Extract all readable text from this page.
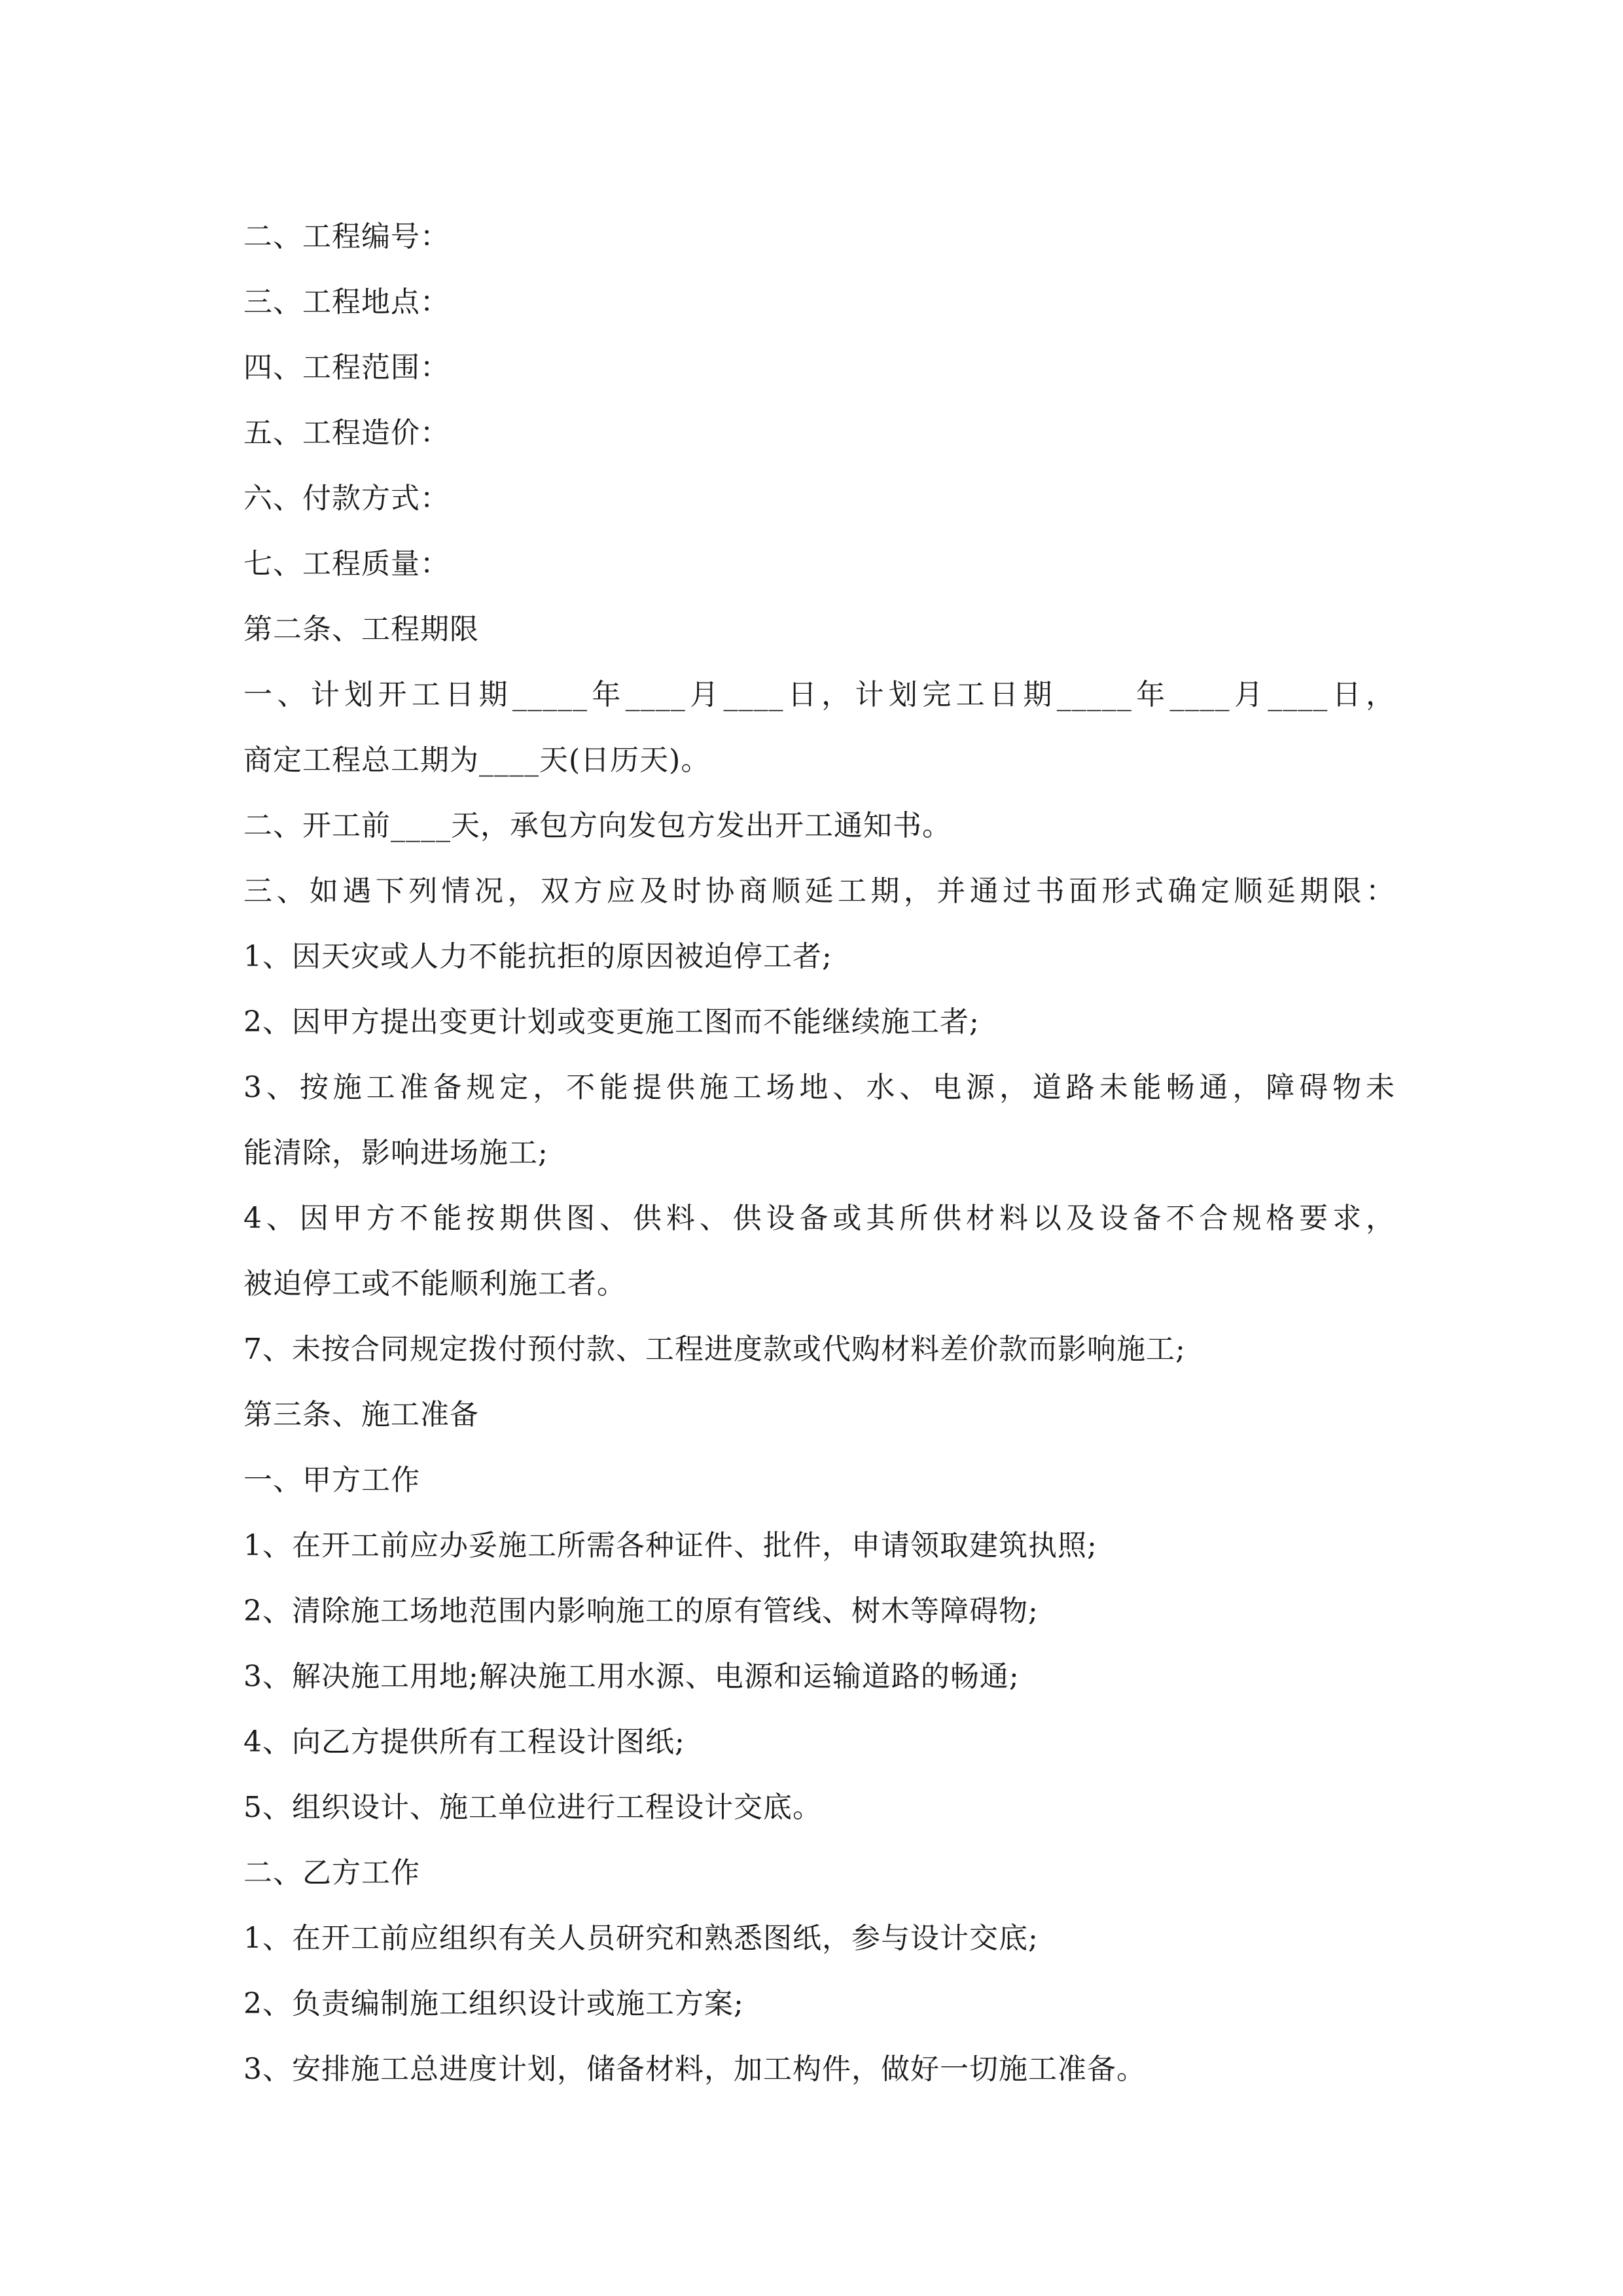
二、工程编号：
三、工程地点：
四、工程范围：
五、工程造价：
六、付款方式：
七、工程质量：
第二条、工程期限
一、计划开工日期_____年____月____日，计划完工日期_____年____月____日，
商定工程总工期为____天(日历天)。
二、开工前____天，承包方向发包方发出开工通知书。
三、如遇下列情况，双方应及时协商顺延工期，并通过书面形式确定顺延期限：
1、因天灾或人力不能抗拒的原因被迫停工者;
2、因甲方提出变更计划或变更施工图而不能继续施工者;
3、按施工准备规定，不能提供施工场地、水、电源，道路未能畅通，障碍物未
能清除，影响进场施工;
4、因甲方不能按期供图、供料、供设备或其所供材料以及设备不合规格要求，
被迫停工或不能顺利施工者。
7、未按合同规定拨付预付款、工程进度款或代购材料差价款而影响施工;
第三条、施工准备
一、甲方工作
1、在开工前应办妥施工所需各种证件、批件，申请领取建筑执照;
2、清除施工场地范围内影响施工的原有管线、树木等障碍物;
3、解决施工用地;解决施工用水源、电源和运输道路的畅通;
4、向乙方提供所有工程设计图纸;
5、组织设计、施工单位进行工程设计交底。
二、乙方工作
1、在开工前应组织有关人员研究和熟悉图纸，参与设计交底;
2、负责编制施工组织设计或施工方案;
3、安排施工总进度计划，储备材料，加工构件，做好一切施工准备。
